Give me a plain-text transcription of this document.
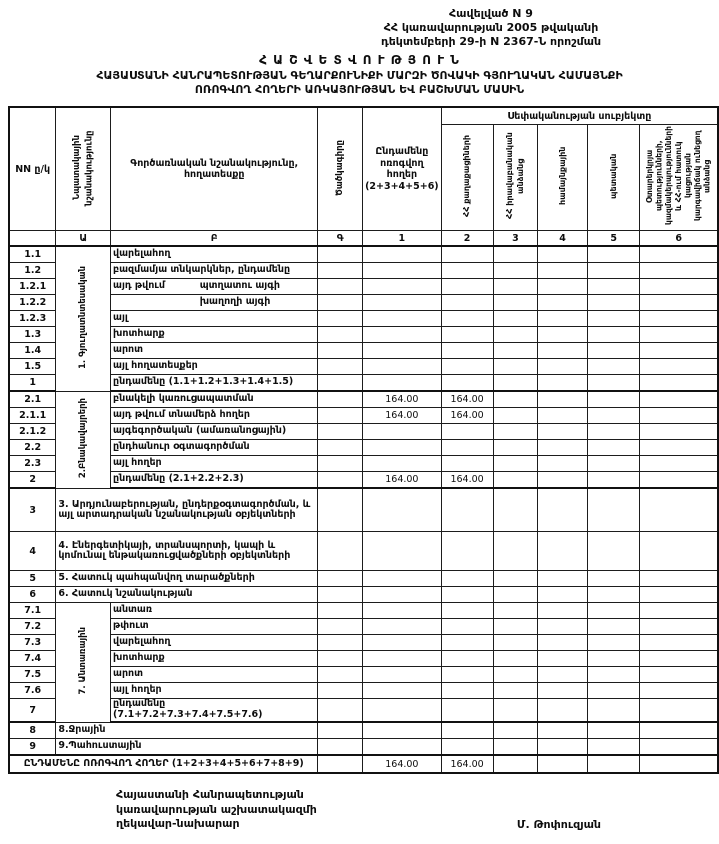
Հավելված N 9
ՀՀ կառավարության 2005 թվականի
դեկտեմբերի 29-ի N 2367-Ն որոշման
Հ Ա Շ Վ Ե Տ Վ Ո Ւ Թ Յ Ո Ւ Ն
ՀԱՅԱՍՏԱՆԻ ՀԱՆՐԱՊԵՏՈՒԹՅԱՆ ԳԵՂԱՐՔՈՒՆԻՔԻ ՄԱՐԶԻ ԾՈՎԱԿԻ ԳՅՈՒՂԱԿԱՆ ՀԱՄԱՅՆՔԻ
ՈՌՈԳՎՈՂ ՀՈՂԵՐԻ ԱՌԿԱՅՈՒԹՅԱՆ ԵՎ ԲԱՇԽՄԱՆ ՄԱՍԻՆ
NN ը/կ	Նպատակային նշանակությունը	Գործառնական նշանակությունը, հողատեսքը	Ծածկագիրը	Ընդամենը ոռոգվող հողեր (2+3+4+5+6)	Սեփականության սուբյեկտը				
					ՀՀ քաղաքացիների	ՀՀ իրավաբանական անձանց	համայնքային	պետական	Օտարերկրյա պետությունների, կազմակերպությունների և ՀՀ-ում հատուկ կացության կարգավիճակ ունեցող անձանց
	Ա	Բ	Գ	1	2	3	4	5	6
1.1	1. Գյուղատնտեսական	վարելահող							
1.2		բազմամյա տնկարկներ, ընդամենը							
1.2.1		այդ թվում պտղատու այգի							

1.2.2		խաղողի այգի							

1.2.3		այլ							
1.3		խոտհարք							
1.4		արոտ							
1.5		այլ հողատեսքեր							
1		ընդամենը (1.1+1.2+1.3+1.4+1.5)							
2.1	2.Բնակավայրերի	բնակելի կառուցապատման		164.00	164.00				
2.1.1		այդ թվում տնամերձ հողեր		164.00	164.00				
2.1.2		այգեգործական (ամառանոցային)							
2.2		ընդհանուր օգտագործման							
2.3		այլ հողեր							
2		ընդամենը (2.1+2.2+2.3)		164.00	164.00				
3	3. Արդյունաբերության, ընդերքօգտագործման, և այլ արտադրական նշանակության օբյեկտների								
4	4. Էներգետիկայի, տրանսպորտի, կապի և կոմունալ ենթակառուցվածքների օբյեկտների								
5	5. Հատուկ պահպանվող տարածքների								
6	6. Հատուկ նշանակության								
7.1	7. Անտառային	անտառ							
7.2		թփուտ							
7.3		վարելահող							
7.4		խոտհարք							
7.5		արոտ							
7.6		այլ հողեր							
7		ընդամենը (7.1+7.2+7.3+7.4+7.5+7.6)							
8	8.Ջրային								
9	9.Պահուստային								
ԸՆԴԱՄԵՆԸ ՈՌՈԳՎՈՂ ՀՈՂԵՐ (1+2+3+4+5+6+7+8+9)				164.00	164.00				
Հայաստանի Հանրապետության
կառավարության աշխատակազմի
ղեկավար-նախարար	Մ. Թոփուզյան
